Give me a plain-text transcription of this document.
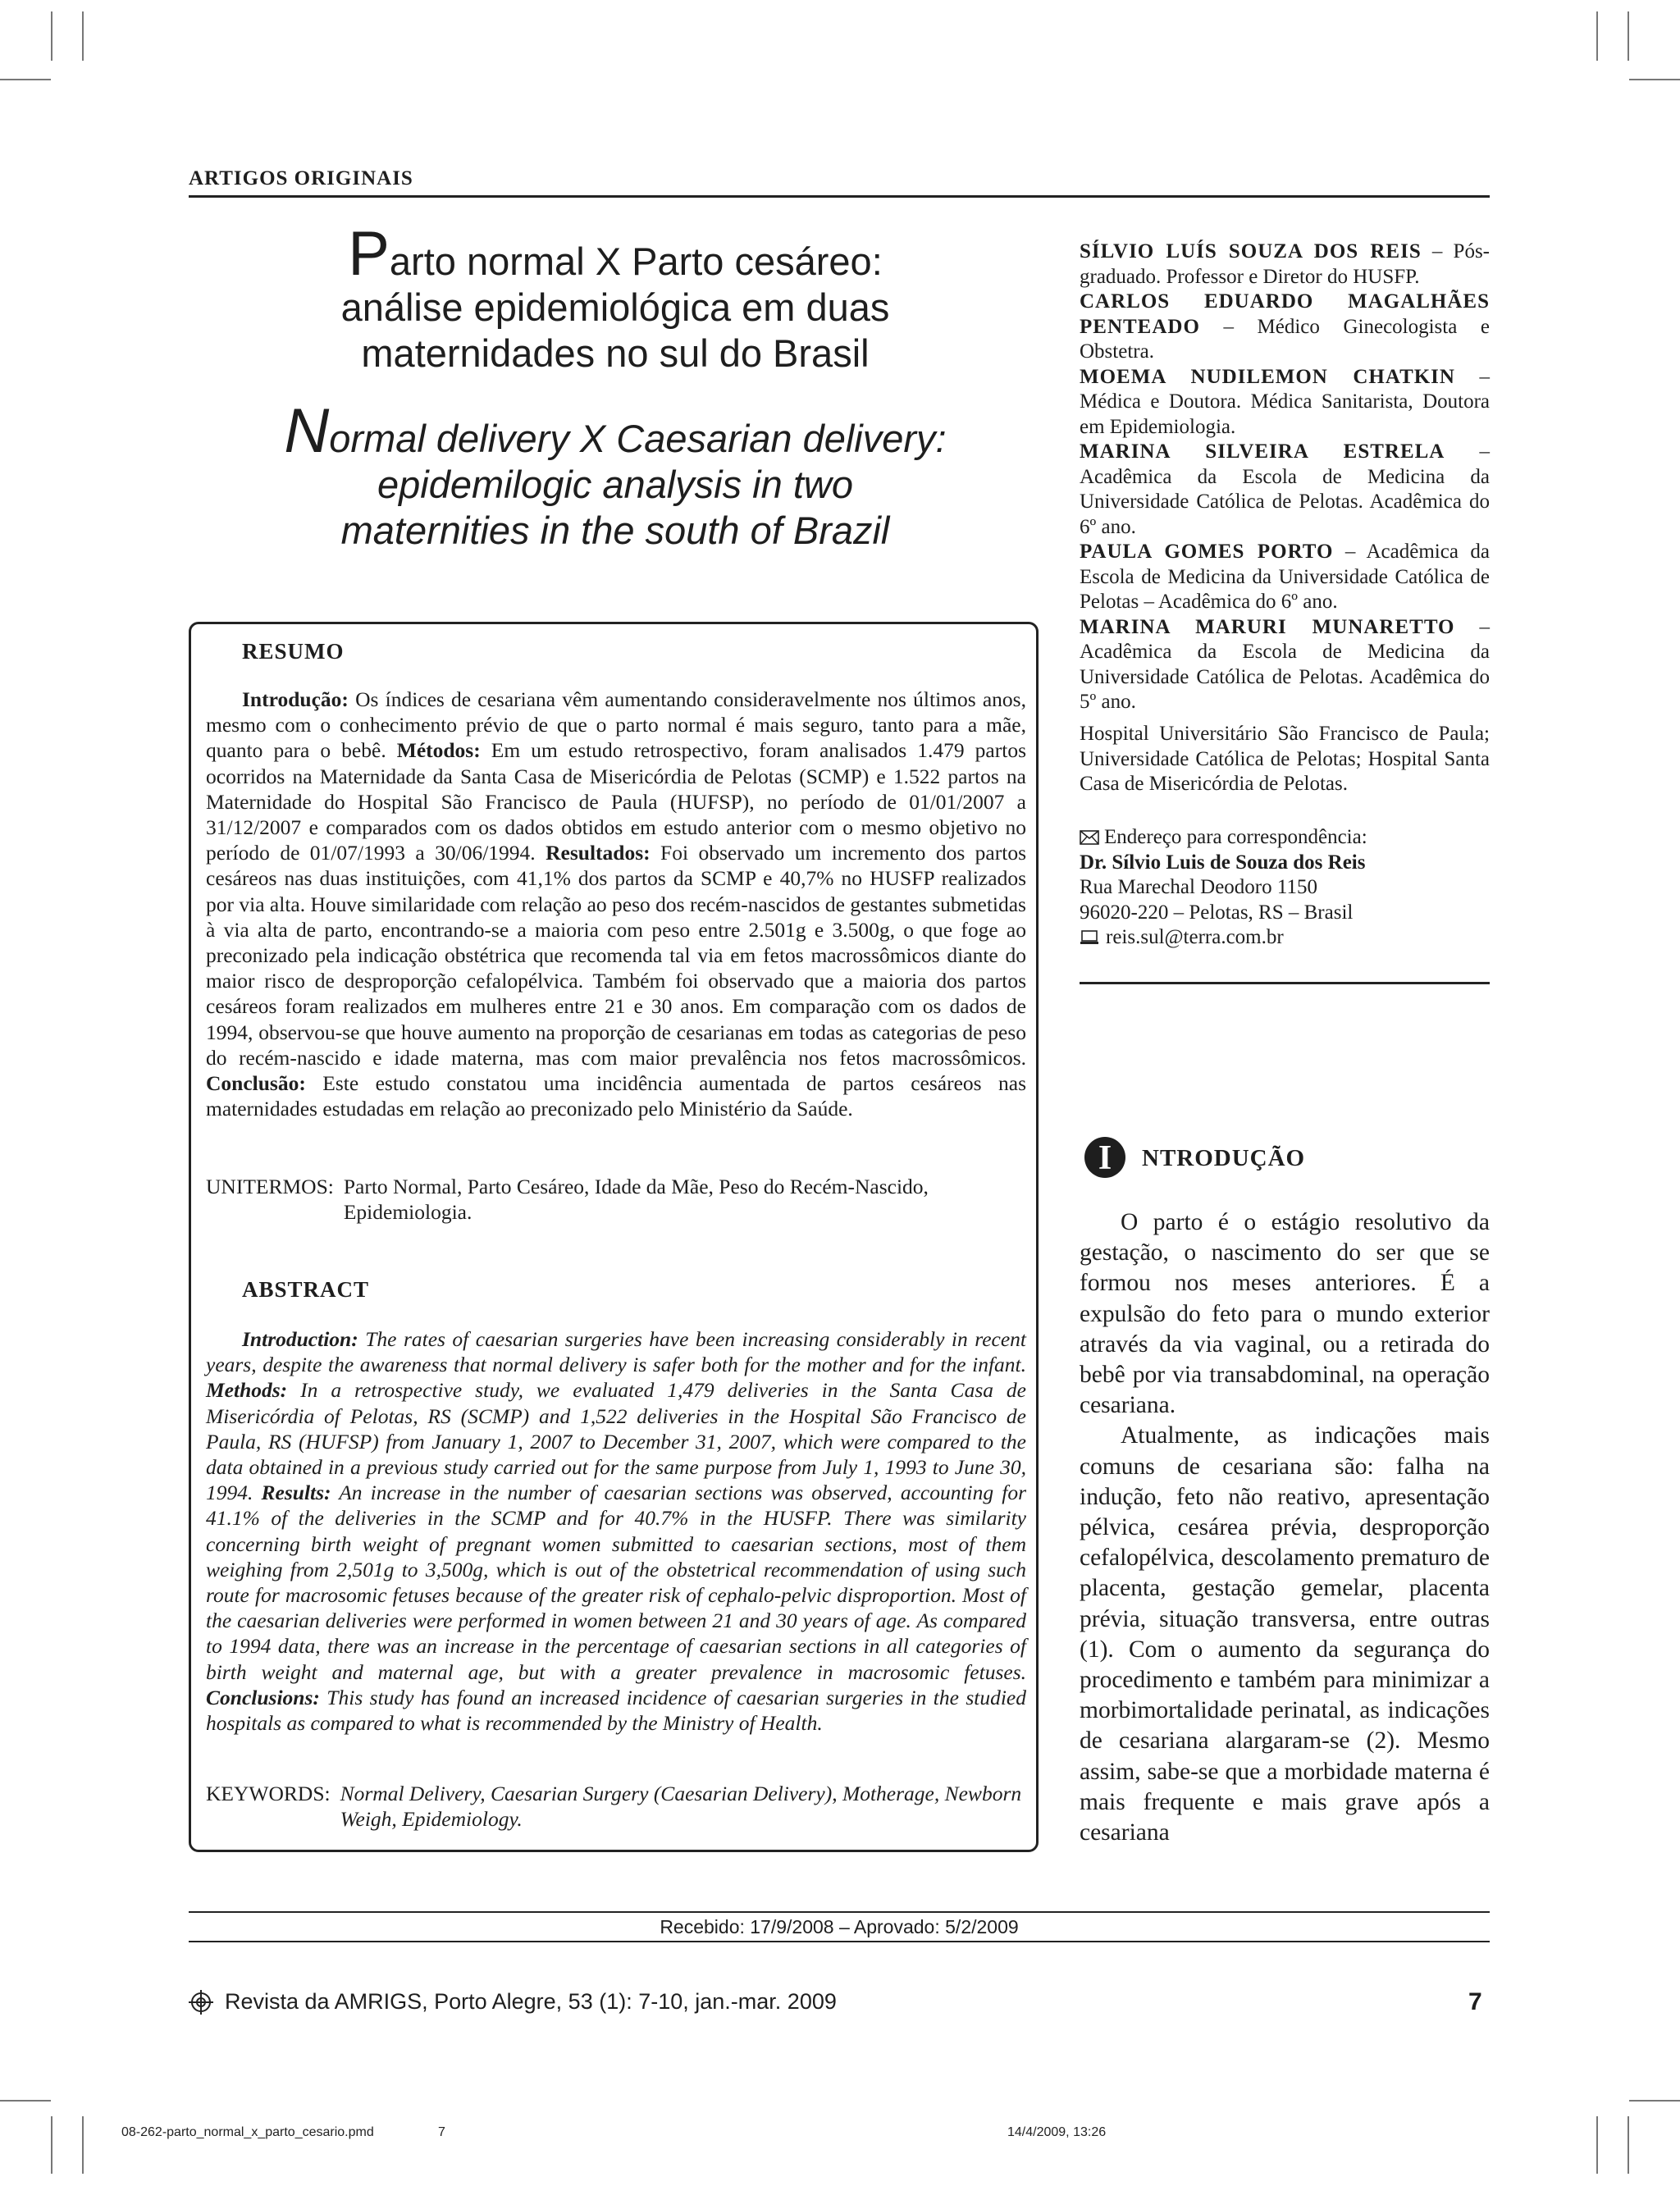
ARTIGOS ORIGINAIS
Parto normal X Parto cesáreo:
análise epidemiológica em duas
maternidades no sul do Brasil
Normal delivery X Caesarian delivery:
epidemilogic analysis in two
maternities in the south of Brazil
RESUMO
Introdução: Os índices de cesariana vêm aumentando consideravelmente nos últimos anos, mesmo com o conhecimento prévio de que o parto normal é mais seguro, tanto para a mãe, quanto para o bebê. Métodos: Em um estudo retrospectivo, foram analisados 1.479 partos ocorridos na Maternidade da Santa Casa de Misericórdia de Pelotas (SCMP) e 1.522 partos na Maternidade do Hospital São Francisco de Paula (HUFSP), no período de 01/01/2007 a 31/12/2007 e comparados com os dados obtidos em estudo anterior com o mesmo objetivo no período de 01/07/1993 a 30/06/1994. Resultados: Foi observado um incremento dos partos cesáreos nas duas instituições, com 41,1% dos partos da SCMP e 40,7% no HUSFP realizados por via alta. Houve similaridade com relação ao peso dos recém-nascidos de gestantes submetidas à via alta de parto, encontrando-se a maioria com peso entre 2.501g e 3.500g, o que foge ao preconizado pela indicação obstétrica que recomenda tal via em fetos macrossômicos diante do maior risco de desproporção cefalopélvica. Também foi observado que a maioria dos partos cesáreos foram realizados em mulheres entre 21 e 30 anos. Em comparação com os dados de 1994, observou-se que houve aumento na proporção de cesarianas em todas as categorias de peso do recém-nascido e idade materna, mas com maior prevalência nos fetos macrossômicos. Conclusão: Este estudo constatou uma incidência aumentada de partos cesáreos nas maternidades estudadas em relação ao preconizado pelo Ministério da Saúde.
UNITERMOS: Parto Normal, Parto Cesáreo, Idade da Mãe, Peso do Recém-Nascido, Epidemiologia.
ABSTRACT
Introduction: The rates of caesarian surgeries have been increasing considerably in recent years, despite the awareness that normal delivery is safer both for the mother and for the infant. Methods: In a retrospective study, we evaluated 1,479 deliveries in the Santa Casa de Misericórdia of Pelotas, RS (SCMP) and 1,522 deliveries in the Hospital São Francisco de Paula, RS (HUFSP) from January 1, 2007 to December 31, 2007, which were compared to the data obtained in a previous study carried out for the same purpose from July 1, 1993 to June 30, 1994. Results: An increase in the number of caesarian sections was observed, accounting for 41.1% of the deliveries in the SCMP and for 40.7% in the HUSFP. There was similarity concerning birth weight of pregnant women submitted to caesarian sections, most of them weighing from 2,501g to 3,500g, which is out of the obstetrical recommendation of using such route for macrosomic fetuses because of the greater risk of cephalo-pelvic disproportion. Most of the caesarian deliveries were performed in women between 21 and 30 years of age. As compared to 1994 data, there was an increase in the percentage of caesarian sections in all categories of birth weight and maternal age, but with a greater prevalence in macrosomic fetuses. Conclusions: This study has found an increased incidence of caesarian surgeries in the studied hospitals as compared to what is recommended by the Ministry of Health.
KEYWORDS: Normal Delivery, Caesarian Surgery (Caesarian Delivery), Motherage, Newborn Weigh, Epidemiology.
SÍLVIO LUÍS SOUZA DOS REIS – Pós-graduado. Professor e Diretor do HUSFP.
CARLOS EDUARDO MAGALHÃES PENTEADO – Médico Ginecologista e Obstetra.
MOEMA NUDILEMON CHATKIN – Médica e Doutora. Médica Sanitarista, Doutora em Epidemiologia.
MARINA SILVEIRA ESTRELA – Acadêmica da Escola de Medicina da Universidade Católica de Pelotas. Acadêmica do 6º ano.
PAULA GOMES PORTO – Acadêmica da Escola de Medicina da Universidade Católica de Pelotas – Acadêmica do 6º ano.
MARINA MARURI MUNARETTO – Acadêmica da Escola de Medicina da Universidade Católica de Pelotas. Acadêmica do 5º ano.
Hospital Universitário São Francisco de Paula; Universidade Católica de Pelotas; Hospital Santa Casa de Misericórdia de Pelotas.
Endereço para correspondência:
Dr. Sílvio Luis de Souza dos Reis
Rua Marechal Deodoro 1150
96020-220 – Pelotas, RS – Brasil
reis.sul@terra.com.br
I	NTRODUÇÃO

O parto é o estágio resolutivo da gestação, o nascimento do ser que se formou nos meses anteriores. É a expulsão do feto para o mundo exterior através da via vaginal, ou a retirada do bebê por via transabdominal, na operação cesariana.

Atualmente, as indicações mais comuns de cesariana são: falha na indução, feto não reativo, apresentação pélvica, cesárea prévia, desproporção cefalopélvica, descolamento prematuro de placenta, gestação gemelar, placenta prévia, situação transversa, entre outras (1). Com o aumento da segurança do procedimento e também para minimizar a morbimortalidade perinatal, as indicações de cesariana alargaram-se (2). Mesmo assim, sabe-se que a morbidade materna é mais frequente e mais grave após a cesariana

Recebido: 17/9/2008 – Aprovado: 5/2/2009
Revista da AMRIGS, Porto Alegre, 53 (1): 7-10, jan.-mar. 2009	7
08-262-parto_normal_x_parto_cesario.pmd	7	14/4/2009, 13:26
